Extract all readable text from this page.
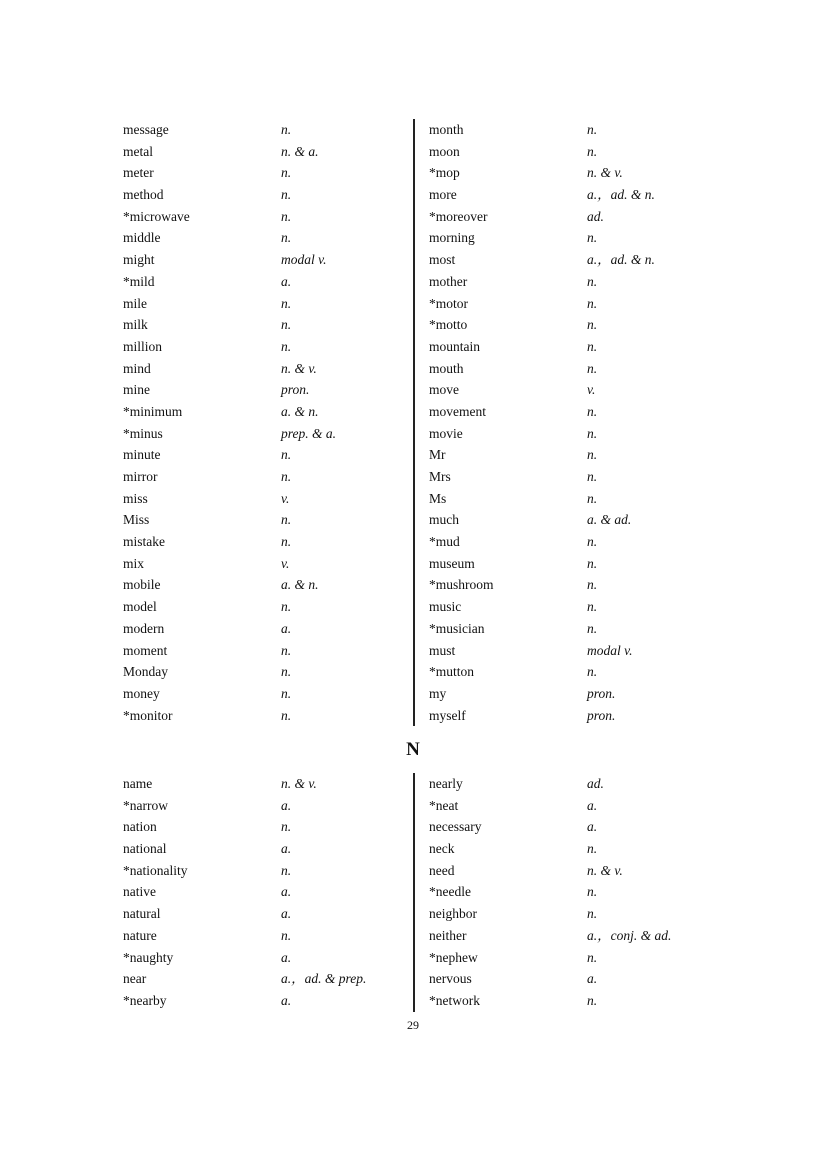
message	n.
metal	n. & a.
meter	n.
method	n.
*microwave	n.
middle	n.
might	modal v.
*mild	a.
mile	n.
milk	n.
million	n.
mind	n. & v.
mine	pron.
*minimum	a. & n.
*minus	prep. & a.
minute	n.
mirror	n.
miss	v.
Miss	n.
mistake	n.
mix	v.
mobile	a. & n.
model	n.
modern	a.
moment	n.
Monday	n.
money	n.
*monitor	n.
month	n.
moon	n.
*mop	n. & v.
more	a.，ad. & n.
*moreover	ad.
morning	n.
most	a.，ad. & n.
mother	n.
*motor	n.
*motto	n.
mountain	n.
mouth	n.
move	v.
movement	n.
movie	n.
Mr	n.
Mrs	n.
Ms	n.
much	a. & ad.
*mud	n.
museum	n.
*mushroom	n.
music	n.
*musician	n.
must	modal v.
*mutton	n.
my	pron.
myself	pron.
N
name	n. & v.
*narrow	a.
nation	n.
national	a.
*nationality	n.
native	a.
natural	a.
nature	n.
*naughty	a.
near	a.，ad. & prep.
*nearby	a.
nearly	ad.
*neat	a.
necessary	a.
neck	n.
need	n. & v.
*needle	n.
neighbor	n.
neither	a.，conj. & ad.
*nephew	n.
nervous	a.
*network	n.
29
